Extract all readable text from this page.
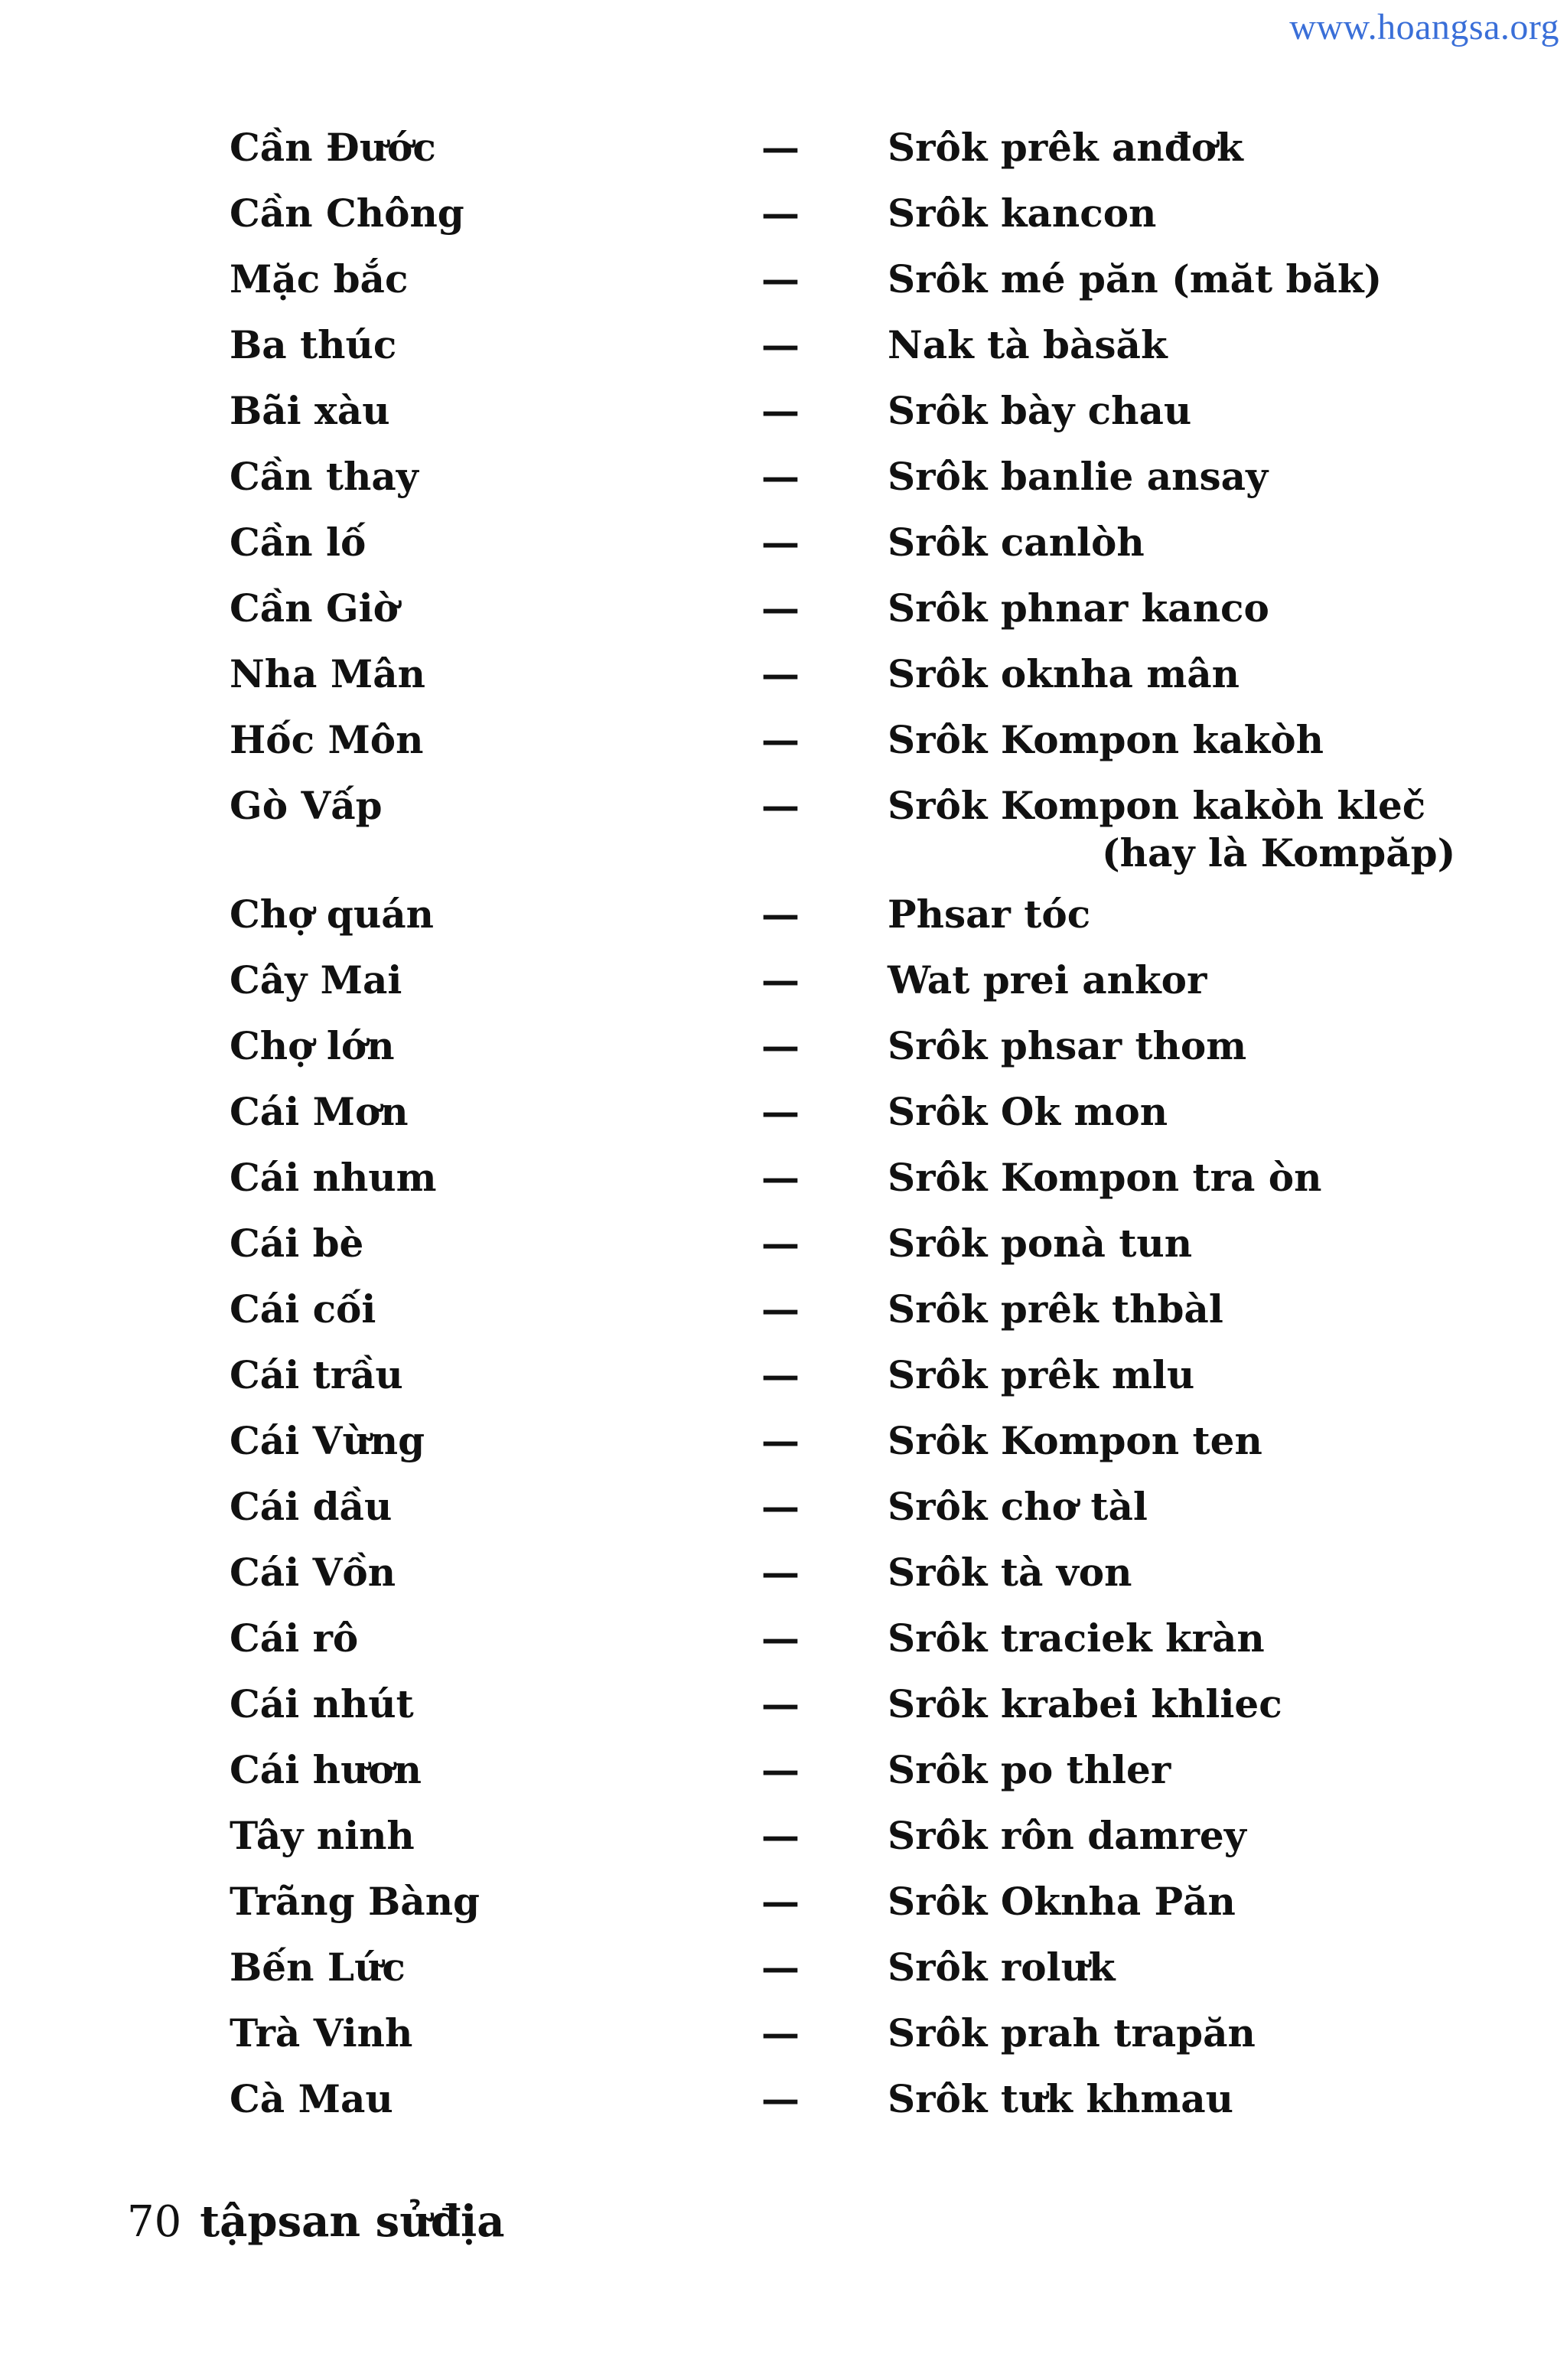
www.hoangsa.org
Cần Đước	— Srôk prêk anđơk
Cần Chông	— Srôk kancon
Mặc bắc	— Srôk mé păn (măt băk)
Ba thúc	— Nak tà bàsăk
Bãi xàu	— Srôk bày chau
Cần thay	— Srôk banlie ansay
Cần lố	— Srôk canlòh
Cần Giờ	— Srôk phnar kanco
Nha Mân	— Srôk oknha mân
Hốc Môn	— Srôk Kompon kakòh
Gò Vấp	— Srôk Kompon kakòh kleč
(hay là Kompăp)
Chợ quán	— Phsar tóc
Cây Mai	— Wat prei ankor
Chợ lớn	— Srôk phsar thom
Cái Mơn	— Srôk Ok mon
Cái nhum	— Srôk Kompon tra òn
Cái bè	— Srôk ponà tun
Cái cối	— Srôk prêk thbàl
Cái trầu	— Srôk prêk mlu
Cái Vừng	— Srôk Kompon ten
Cái dầu	— Srôk chơ tàl
Cái Vồn	— Srôk tà von
Cái rô	— Srôk traciek kràn
Cái nhút	— Srôk krabei khliec
Cái hươn	— Srôk po thler
Tây ninh	— Srôk rôn damrey
Trãng Bàng	— Srôk Oknha Păn
Bến Lức	— Srôk rolưk
Trà Vinh	— Srôk prah trapăn
Cà Mau	— Srôk tưk khmau
70 tậpsan sửđịa
